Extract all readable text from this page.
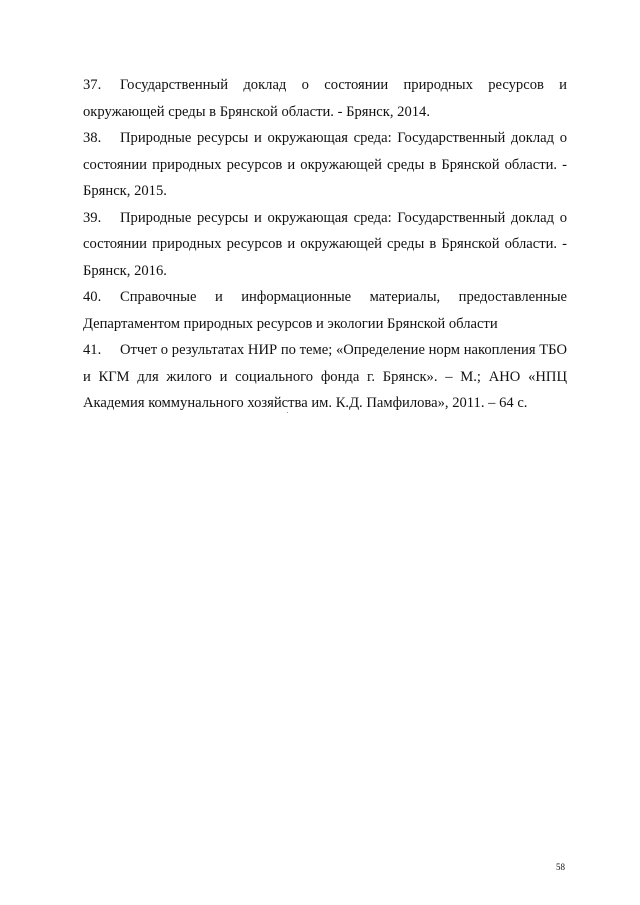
37. Государственный доклад о состоянии природных ресурсов и окружающей среды в Брянской области. - Брянск, 2014.
38. Природные ресурсы и окружающая среда: Государственный доклад о состоянии природных ресурсов и окружающей среды в Брянской области. - Брянск, 2015.
39. Природные ресурсы и окружающая среда: Государственный доклад о состоянии природных ресурсов и окружающей среды в Брянской области. - Брянск, 2016.
40. Справочные и информационные материалы, предоставленные Департаментом природных ресурсов и экологии Брянской области
41. Отчет о результатах НИР по теме; «Определение норм накопления ТБО и КГМ для жилого и социального фонда г. Брянск». – М.; АНО «НПЦ Академия коммунального хозяйства им. К.Д. Памфилова», 2011. – 64 с.
58
